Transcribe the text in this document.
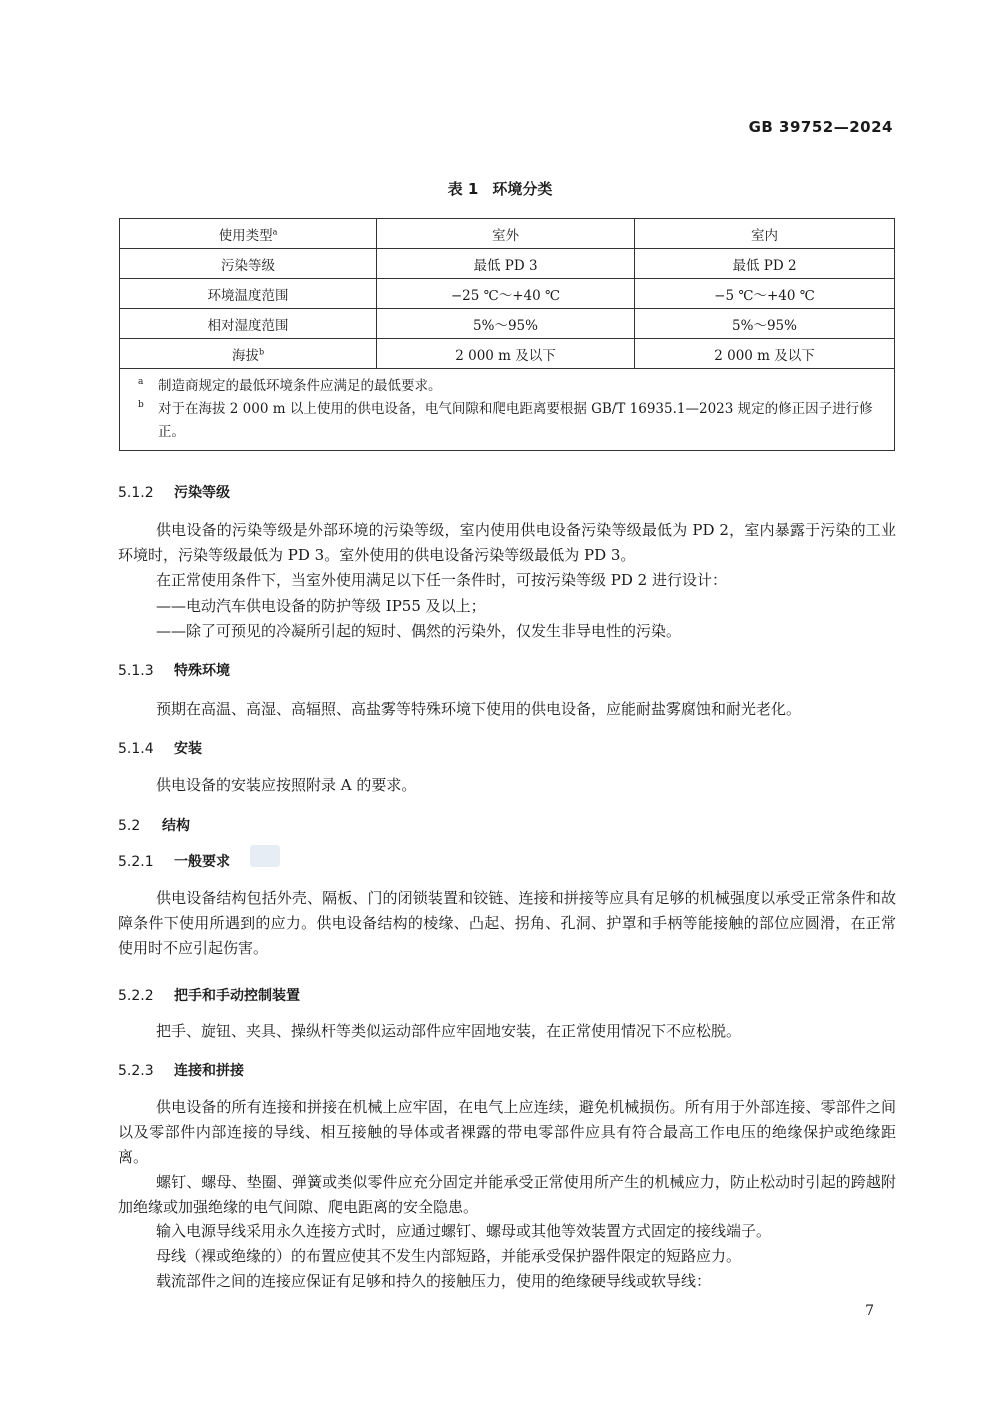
GB 39752—2024
表 1 环境分类
使用类型$^a$	室外	室内
污染等级	最低 PD 3	最低 PD 2
环境温度范围	−25 ℃～+40 ℃	−5 ℃～+40 ℃
相对湿度范围	5%～95%	5%～95%
海拔$^b$	2 000 m 及以下	2 000 m 及以下

a 制造商规定的最低环境条件应满足的最低要求。
b 对于在海拔 2 000 m 以上使用的供电设备，电气间隙和爬电距离要根据 GB/T 16935.1—2023 规定的修正因子进行修正。		
5.1.2 污染等级
供电设备的污染等级是外部环境的污染等级，室内使用供电设备污染等级最低为 PD 2，室内暴露于污染的工业环境时，污染等级最低为 PD 3。室外使用的供电设备污染等级最低为 PD 3。
在正常使用条件下，当室外使用满足以下任一条件时，可按污染等级 PD 2 进行设计：
——电动汽车供电设备的防护等级 IP55 及以上；
——除了可预见的冷凝所引起的短时、偶然的污染外，仅发生非导电性的污染。
5.1.3 特殊环境
预期在高温、高湿、高辐照、高盐雾等特殊环境下使用的供电设备，应能耐盐雾腐蚀和耐光老化。
5.1.4 安装
供电设备的安装应按照附录 A 的要求。
5.2 结构
5.2.1 一般要求
供电设备结构包括外壳、隔板、门的闭锁装置和铰链、连接和拼接等应具有足够的机械强度以承受正常条件和故障条件下使用所遇到的应力。供电设备结构的棱缘、凸起、拐角、孔洞、护罩和手柄等能接触的部位应圆滑，在正常使用时不应引起伤害。
5.2.2 把手和手动控制装置
把手、旋钮、夹具、操纵杆等类似运动部件应牢固地安装，在正常使用情况下不应松脱。
5.2.3 连接和拼接
供电设备的所有连接和拼接在机械上应牢固，在电气上应连续，避免机械损伤。所有用于外部连接、零部件之间以及零部件内部连接的导线、相互接触的导体或者裸露的带电零部件应具有符合最高工作电压的绝缘保护或绝缘距离。
螺钉、螺母、垫圈、弹簧或类似零件应充分固定并能承受正常使用所产生的机械应力，防止松动时引起的跨越附加绝缘或加强绝缘的电气间隙、爬电距离的安全隐患。
输入电源导线采用永久连接方式时，应通过螺钉、螺母或其他等效装置方式固定的接线端子。
母线（裸或绝缘的）的布置应使其不发生内部短路，并能承受保护器件限定的短路应力。
载流部件之间的连接应保证有足够和持久的接触压力，使用的绝缘硬导线或软导线：
7
